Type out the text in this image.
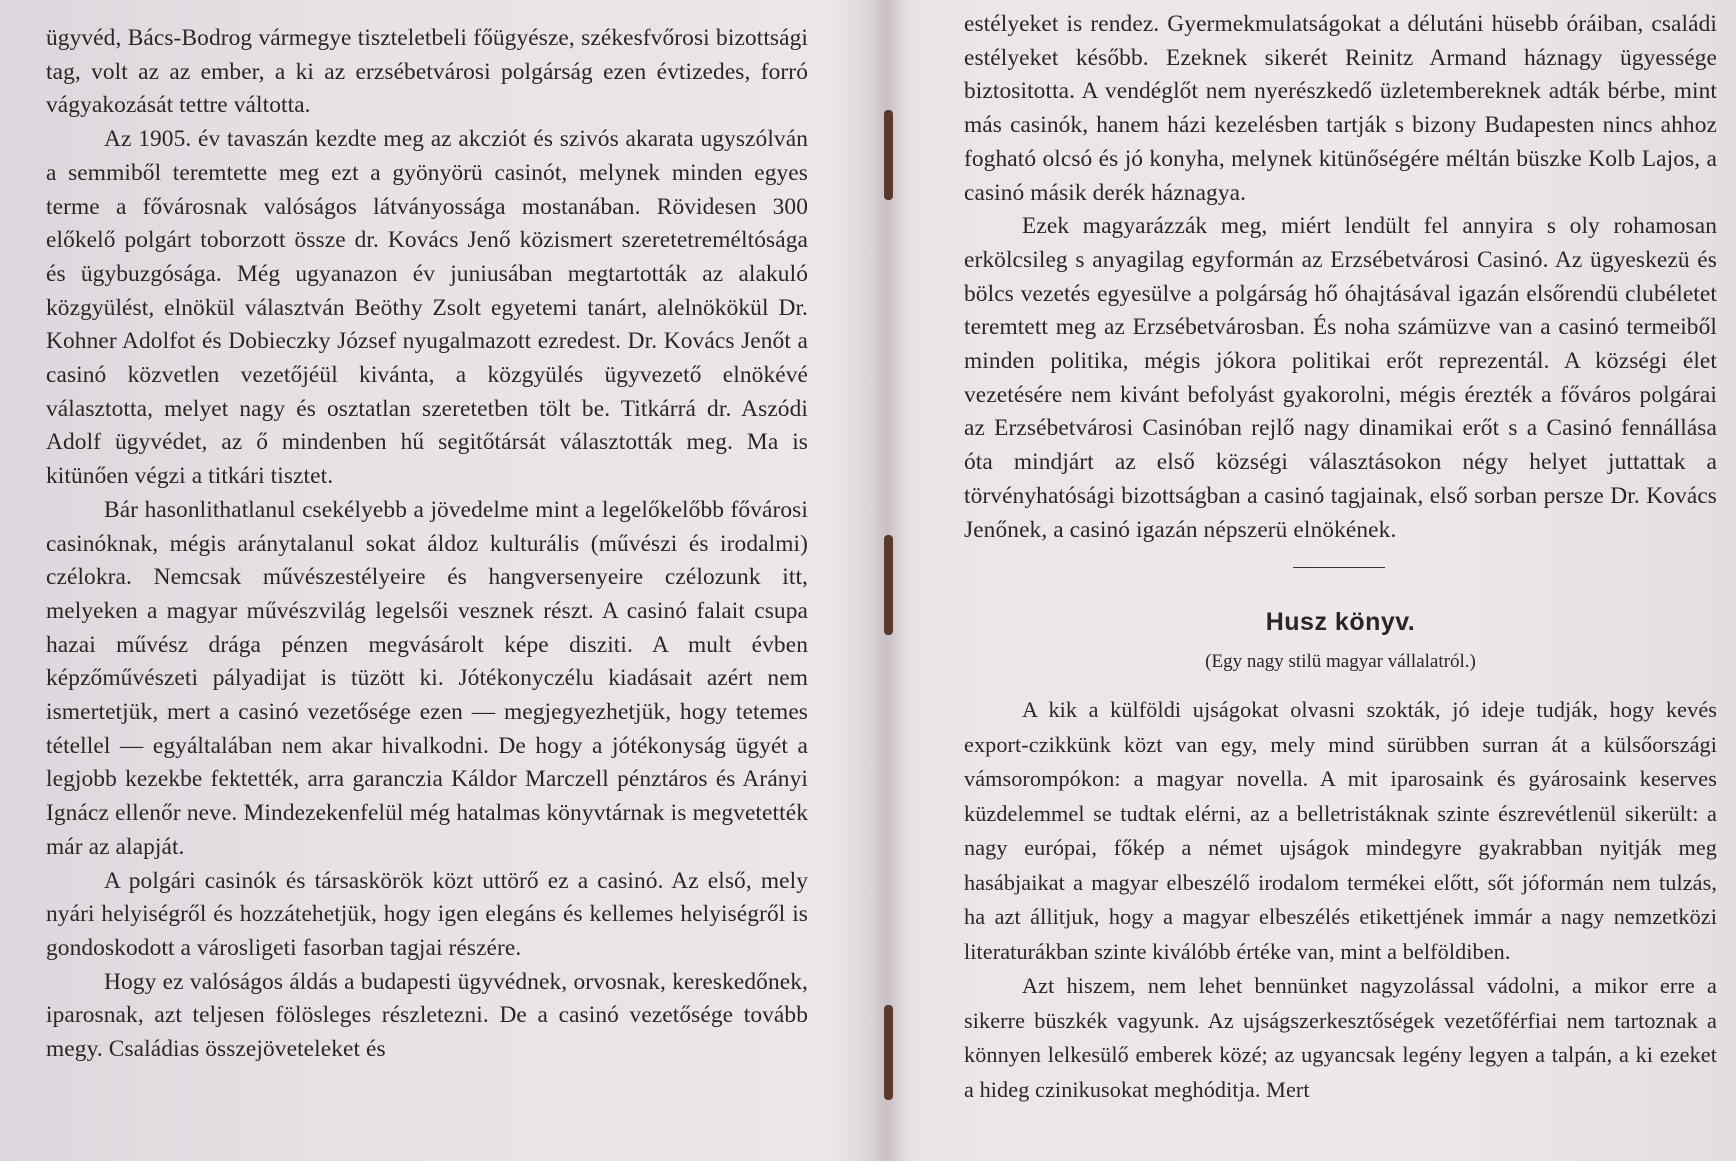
ügyvéd, Bács-Bodrog vármegye tiszteletbeli főügyésze, székesfvőrosi bizottsági tag, volt az az ember, a ki az erzsébetvárosi polgárság ezen évtizedes, forró vágyakozását tettre váltotta.

Az 1905. év tavaszán kezdte meg az akcziót és szivós akarata ugyszólván a semmiből teremtette meg ezt a gyönyörü casinót, melynek minden egyes terme a fővárosnak valóságos látványossága mostanában. Rövidesen 300 előkelő polgárt toborzott össze dr. Kovács Jenő közismert szeretetreméltósága és ügybuzgósága. Még ugyanazon év juniusában megtartották az alakuló közgyülést, elnökül választván Beöthy Zsolt egyetemi tanárt, alelnökökül Dr. Kohner Adolfot és Dobieczky József nyugalmazott ezredest. Dr. Kovács Jenőt a casinó közvetlen vezetőjéül kivánta, a közgyülés ügyvezető elnökévé választotta, melyet nagy és osztatlan szeretetben tölt be. Titkárrá dr. Aszódi Adolf ügyvédet, az ő mindenben hű segitőtársát választották meg. Ma is kitünően végzi a titkári tisztet.

Bár hasonlithatlanul csekélyebb a jövedelme mint a legelőkelőbb fővárosi casinóknak, mégis aránytalanul sokat áldoz kulturális (művészi és irodalmi) czélokra. Nemcsak művészestélyeire és hangversenyeire czélozunk itt, melyeken a magyar művészvilág legelsői vesznek részt. A casinó falait csupa hazai művész drága pénzen megvásárolt képe disziti. A mult évben képzőművészeti pályadijat is tüzött ki. Jótékonyczélu kiadásait azért nem ismertetjük, mert a casinó vezetősége ezen — megjegyezhetjük, hogy tetemes tétellel — egyáltalában nem akar hivalkodni. De hogy a jótékonyság ügyét a legjobb kezekbe fektették, arra garanczia Káldor Marczell pénztáros és Arányi Ignácz ellenőr neve. Mindezekenfelül még hatalmas könyvtárnak is megvetették már az alapját.

A polgári casinók és társaskörök közt uttörő ez a casinó. Az első, mely nyári helyiségről és hozzátehetjük, hogy igen elegáns és kellemes helyiségről is gondoskodott a városligeti fasorban tagjai részére.

Hogy ez valóságos áldás a budapesti ügyvédnek, orvosnak, kereskedőnek, iparosnak, azt teljesen fölösleges részletezni. De a casinó vezetősége tovább megy. Családias összejöveteleket és

estélyeket is rendez. Gyermekmulatságokat a délutáni hüsebb óráiban, családi estélyeket később. Ezeknek sikerét Reinitz Armand háznagy ügyessége biztositotta. A vendéglőt nem nyerészkedő üzletembereknek adták bérbe, mint más casinók, hanem házi kezelésben tartják s bizony Budapesten nincs ahhoz fogható olcsó és jó konyha, melynek kitünőségére méltán büszke Kolb Lajos, a casinó másik derék háznagya.

Ezek magyarázzák meg, miért lendült fel annyira s oly rohamosan erkölcsileg s anyagilag egyformán az Erzsébetvárosi Casinó. Az ügyeskezü és bölcs vezetés egyesülve a polgárság hő óhajtásával igazán elsőrendü clubéletet teremtett meg az Erzsébetvárosban. És noha számüzve van a casinó termeiből minden politika, mégis jókora politikai erőt reprezentál. A községi élet vezetésére nem kivánt befolyást gyakorolni, mégis érezték a főváros polgárai az Erzsébetvárosi Casinóban rejlő nagy dinamikai erőt s a Casinó fennállása óta mindjárt az első községi választásokon négy helyet juttattak a törvényhatósági bizottságban a casinó tagjainak, első sorban persze Dr. Kovács Jenőnek, a casinó igazán népszerü elnökének.

Husz könyv.
(Egy nagy stilü magyar vállalatról.)

A kik a külföldi ujságokat olvasni szokták, jó ideje tudják, hogy kevés export-czikkünk közt van egy, mely mind sürübben surran át a külsőországi vámsorompókon: a magyar novella. A mit iparosaink és gyárosaink keserves küzdelemmel se tudtak elérni, az a belletristáknak szinte észrevétlenül sikerült: a nagy európai, főkép a német ujságok mindegyre gyakrabban nyitják meg hasábjaikat a magyar elbeszélő irodalom termékei előtt, sőt jóformán nem tulzás, ha azt állitjuk, hogy a magyar elbeszélés etikettjének immár a nagy nemzetközi literaturákban szinte kiválóbb értéke van, mint a belföldiben.

Azt hiszem, nem lehet bennünket nagyzolással vádolni, a mikor erre a sikerre büszkék vagyunk. Az ujságszerkesztőségek vezetőférfiai nem tartoznak a könnyen lelkesülő emberek közé; az ugyancsak legény legyen a talpán, a ki ezeket a hideg czinikusokat meghóditja. Mert
